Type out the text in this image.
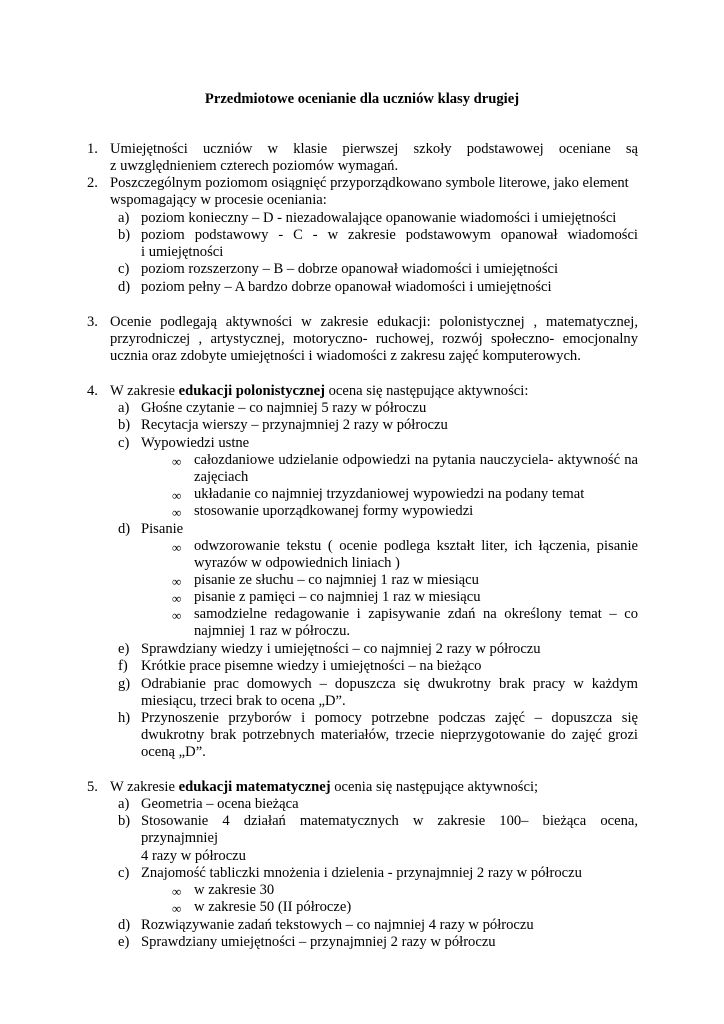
Przedmiotowe ocenianie dla uczniów klasy drugiej
1. Umiejętności uczniów w klasie pierwszej szkoły podstawowej oceniane są
z uwzględnieniem czterech poziomów wymagań.
2. Poszczególnym poziomom osiągnięć przyporządkowano symbole literowe, jako element
wspomagający w procesie oceniania:
a) poziom konieczny – D - niezadowalające opanowanie wiadomości i umiejętności
b) poziom podstawowy - C - w zakresie podstawowym opanował wiadomości
i umiejętności
c) poziom rozszerzony – B – dobrze opanował wiadomości i umiejętności
d) poziom pełny – A bardzo dobrze opanował wiadomości i umiejętności
3. Ocenie podlegają aktywności w zakresie edukacji: polonistycznej , matematycznej,
przyrodniczej , artystycznej, motoryczno- ruchowej, rozwój społeczno- emocjonalny
ucznia oraz zdobyte umiejętności i wiadomości z zakresu zajęć komputerowych.
4. W zakresie edukacji polonistycznej ocena się następujące aktywności:
a) Głośne czytanie – co najmniej 5 razy w półroczu
b) Recytacja wierszy – przynajmniej 2 razy w półroczu
c) Wypowiedzi ustne
∞ całozdaniowe udzielanie odpowiedzi na pytania nauczyciela- aktywność na
zajęciach
∞ układanie co najmniej trzyzdaniowej wypowiedzi na podany temat
∞ stosowanie uporządkowanej formy wypowiedzi
d) Pisanie
∞ odwzorowanie tekstu ( ocenie podlega kształt liter, ich łączenia, pisanie
wyrazów w odpowiednich liniach )
∞ pisanie ze słuchu – co najmniej 1 raz w miesiącu
∞ pisanie z pamięci – co najmniej 1 raz w miesiącu
∞ samodzielne redagowanie i zapisywanie zdań na określony temat – co
najmniej 1 raz w półroczu.
e) Sprawdziany wiedzy i umiejętności – co najmniej 2 razy w półroczu
f) Krótkie prace pisemne wiedzy i umiejętności – na bieżąco
g) Odrabianie prac domowych – dopuszcza się dwukrotny brak pracy w każdym
miesiącu, trzeci brak to ocena „D”.
h) Przynoszenie przyborów i pomocy potrzebne podczas zajęć – dopuszcza się
dwukrotny brak potrzebnych materiałów, trzecie nieprzygotowanie do zajęć grozi
oceną „D”.
5. W zakresie edukacji matematycznej ocenia się następujące aktywności;
a) Geometria – ocena bieżąca
b) Stosowanie 4 działań matematycznych w zakresie 100– bieżąca ocena,
przynajmniej
4 razy w półroczu
c) Znajomość tabliczki mnożenia i dzielenia - przynajmniej 2 razy w półroczu
∞ w zakresie 30
∞ w zakresie 50 (II półrocze)
d) Rozwiązywanie zadań tekstowych – co najmniej 4 razy w półroczu
e) Sprawdziany umiejętności – przynajmniej 2 razy w półroczu
